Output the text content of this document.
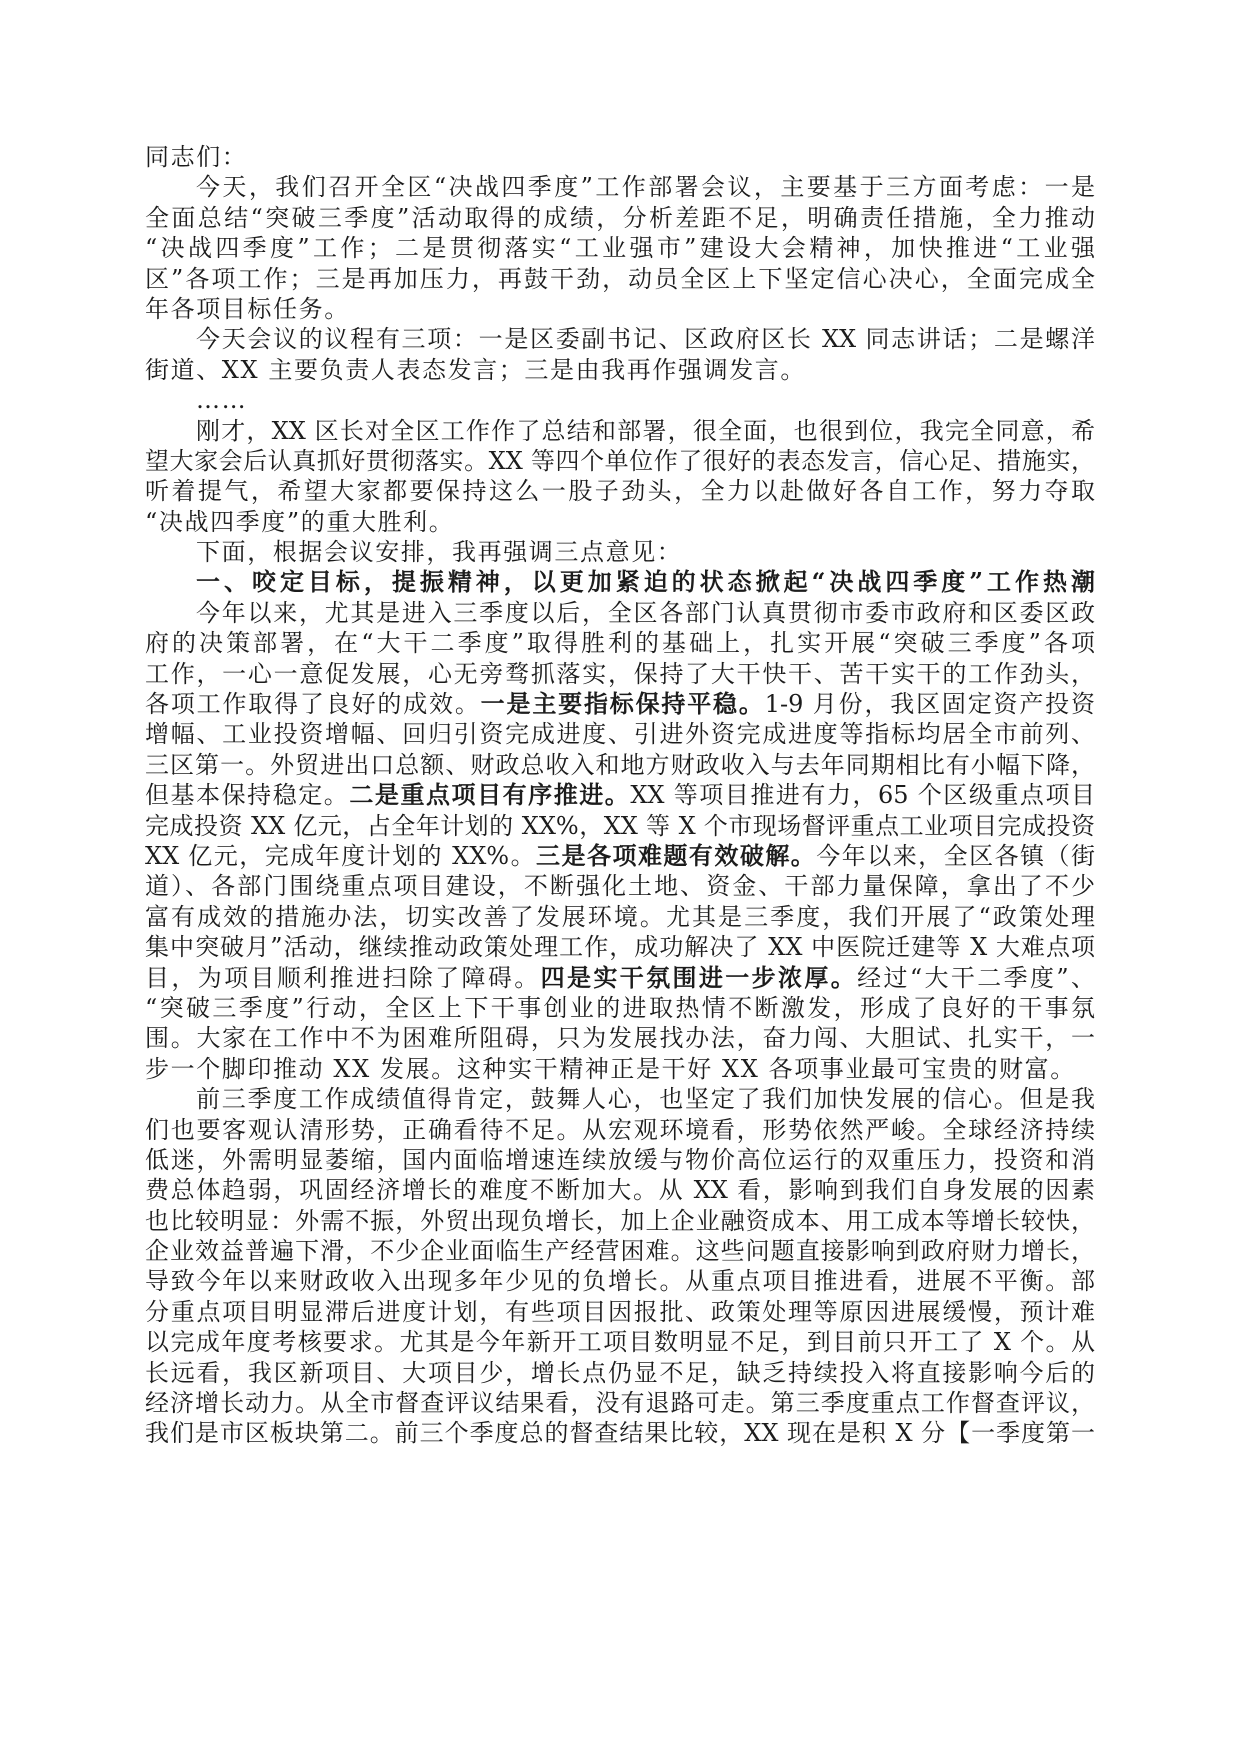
同志们：
今天，我们召开全区“决战四季度”工作部署会议，主要基于三方面考虑：一是
全面总结“突破三季度”活动取得的成绩，分析差距不足，明确责任措施，全力推动
“决战四季度”工作；二是贯彻落实“工业强市”建设大会精神，加快推进“工业强
区”各项工作；三是再加压力，再鼓干劲，动员全区上下坚定信心决心，全面完成全
年各项目标任务。
今天会议的议程有三项：一是区委副书记、区政府区长 XX 同志讲话；二是螺洋
街道、XX 主要负责人表态发言；三是由我再作强调发言。
……
刚才，XX 区长对全区工作作了总结和部署，很全面，也很到位，我完全同意，希
望大家会后认真抓好贯彻落实。XX 等四个单位作了很好的表态发言，信心足、措施实，
听着提气，希望大家都要保持这么一股子劲头，全力以赴做好各自工作，努力夺取
“决战四季度”的重大胜利。
下面，根据会议安排，我再强调三点意见：
一、咬定目标，提振精神，以更加紧迫的状态掀起“决战四季度”工作热潮
今年以来，尤其是进入三季度以后，全区各部门认真贯彻市委市政府和区委区政
府的决策部署，在“大干二季度”取得胜利的基础上，扎实开展“突破三季度”各项
工作，一心一意促发展，心无旁骛抓落实，保持了大干快干、苦干实干的工作劲头，
各项工作取得了良好的成效。一是主要指标保持平稳。1-9 月份，我区固定资产投资
增幅、工业投资增幅、回归引资完成进度、引进外资完成进度等指标均居全市前列、
三区第一。外贸进出口总额、财政总收入和地方财政收入与去年同期相比有小幅下降，
但基本保持稳定。二是重点项目有序推进。XX 等项目推进有力，65 个区级重点项目
完成投资 XX 亿元，占全年计划的 XX%，XX 等 X 个市现场督评重点工业项目完成投资
XX 亿元，完成年度计划的 XX%。三是各项难题有效破解。今年以来，全区各镇（街
道）、各部门围绕重点项目建设，不断强化土地、资金、干部力量保障，拿出了不少
富有成效的措施办法，切实改善了发展环境。尤其是三季度，我们开展了“政策处理
集中突破月”活动，继续推动政策处理工作，成功解决了 XX 中医院迁建等 X 大难点项
目，为项目顺利推进扫除了障碍。四是实干氛围进一步浓厚。经过“大干二季度”、
“突破三季度”行动，全区上下干事创业的进取热情不断激发，形成了良好的干事氛
围。大家在工作中不为困难所阻碍，只为发展找办法，奋力闯、大胆试、扎实干，一
步一个脚印推动 XX 发展。这种实干精神正是干好 XX 各项事业最可宝贵的财富。
前三季度工作成绩值得肯定，鼓舞人心，也坚定了我们加快发展的信心。但是我
们也要客观认清形势，正确看待不足。从宏观环境看，形势依然严峻。全球经济持续
低迷，外需明显萎缩，国内面临增速连续放缓与物价高位运行的双重压力，投资和消
费总体趋弱，巩固经济增长的难度不断加大。从 XX 看，影响到我们自身发展的因素
也比较明显：外需不振，外贸出现负增长，加上企业融资成本、用工成本等增长较快，
企业效益普遍下滑，不少企业面临生产经营困难。这些问题直接影响到政府财力增长，
导致今年以来财政收入出现多年少见的负增长。从重点项目推进看，进展不平衡。部
分重点项目明显滞后进度计划，有些项目因报批、政策处理等原因进展缓慢，预计难
以完成年度考核要求。尤其是今年新开工项目数明显不足，到目前只开工了 X 个。从
长远看，我区新项目、大项目少，增长点仍显不足，缺乏持续投入将直接影响今后的
经济增长动力。从全市督查评议结果看，没有退路可走。第三季度重点工作督查评议，
我们是市区板块第二。前三个季度总的督查结果比较，XX 现在是积 X 分【一季度第一
